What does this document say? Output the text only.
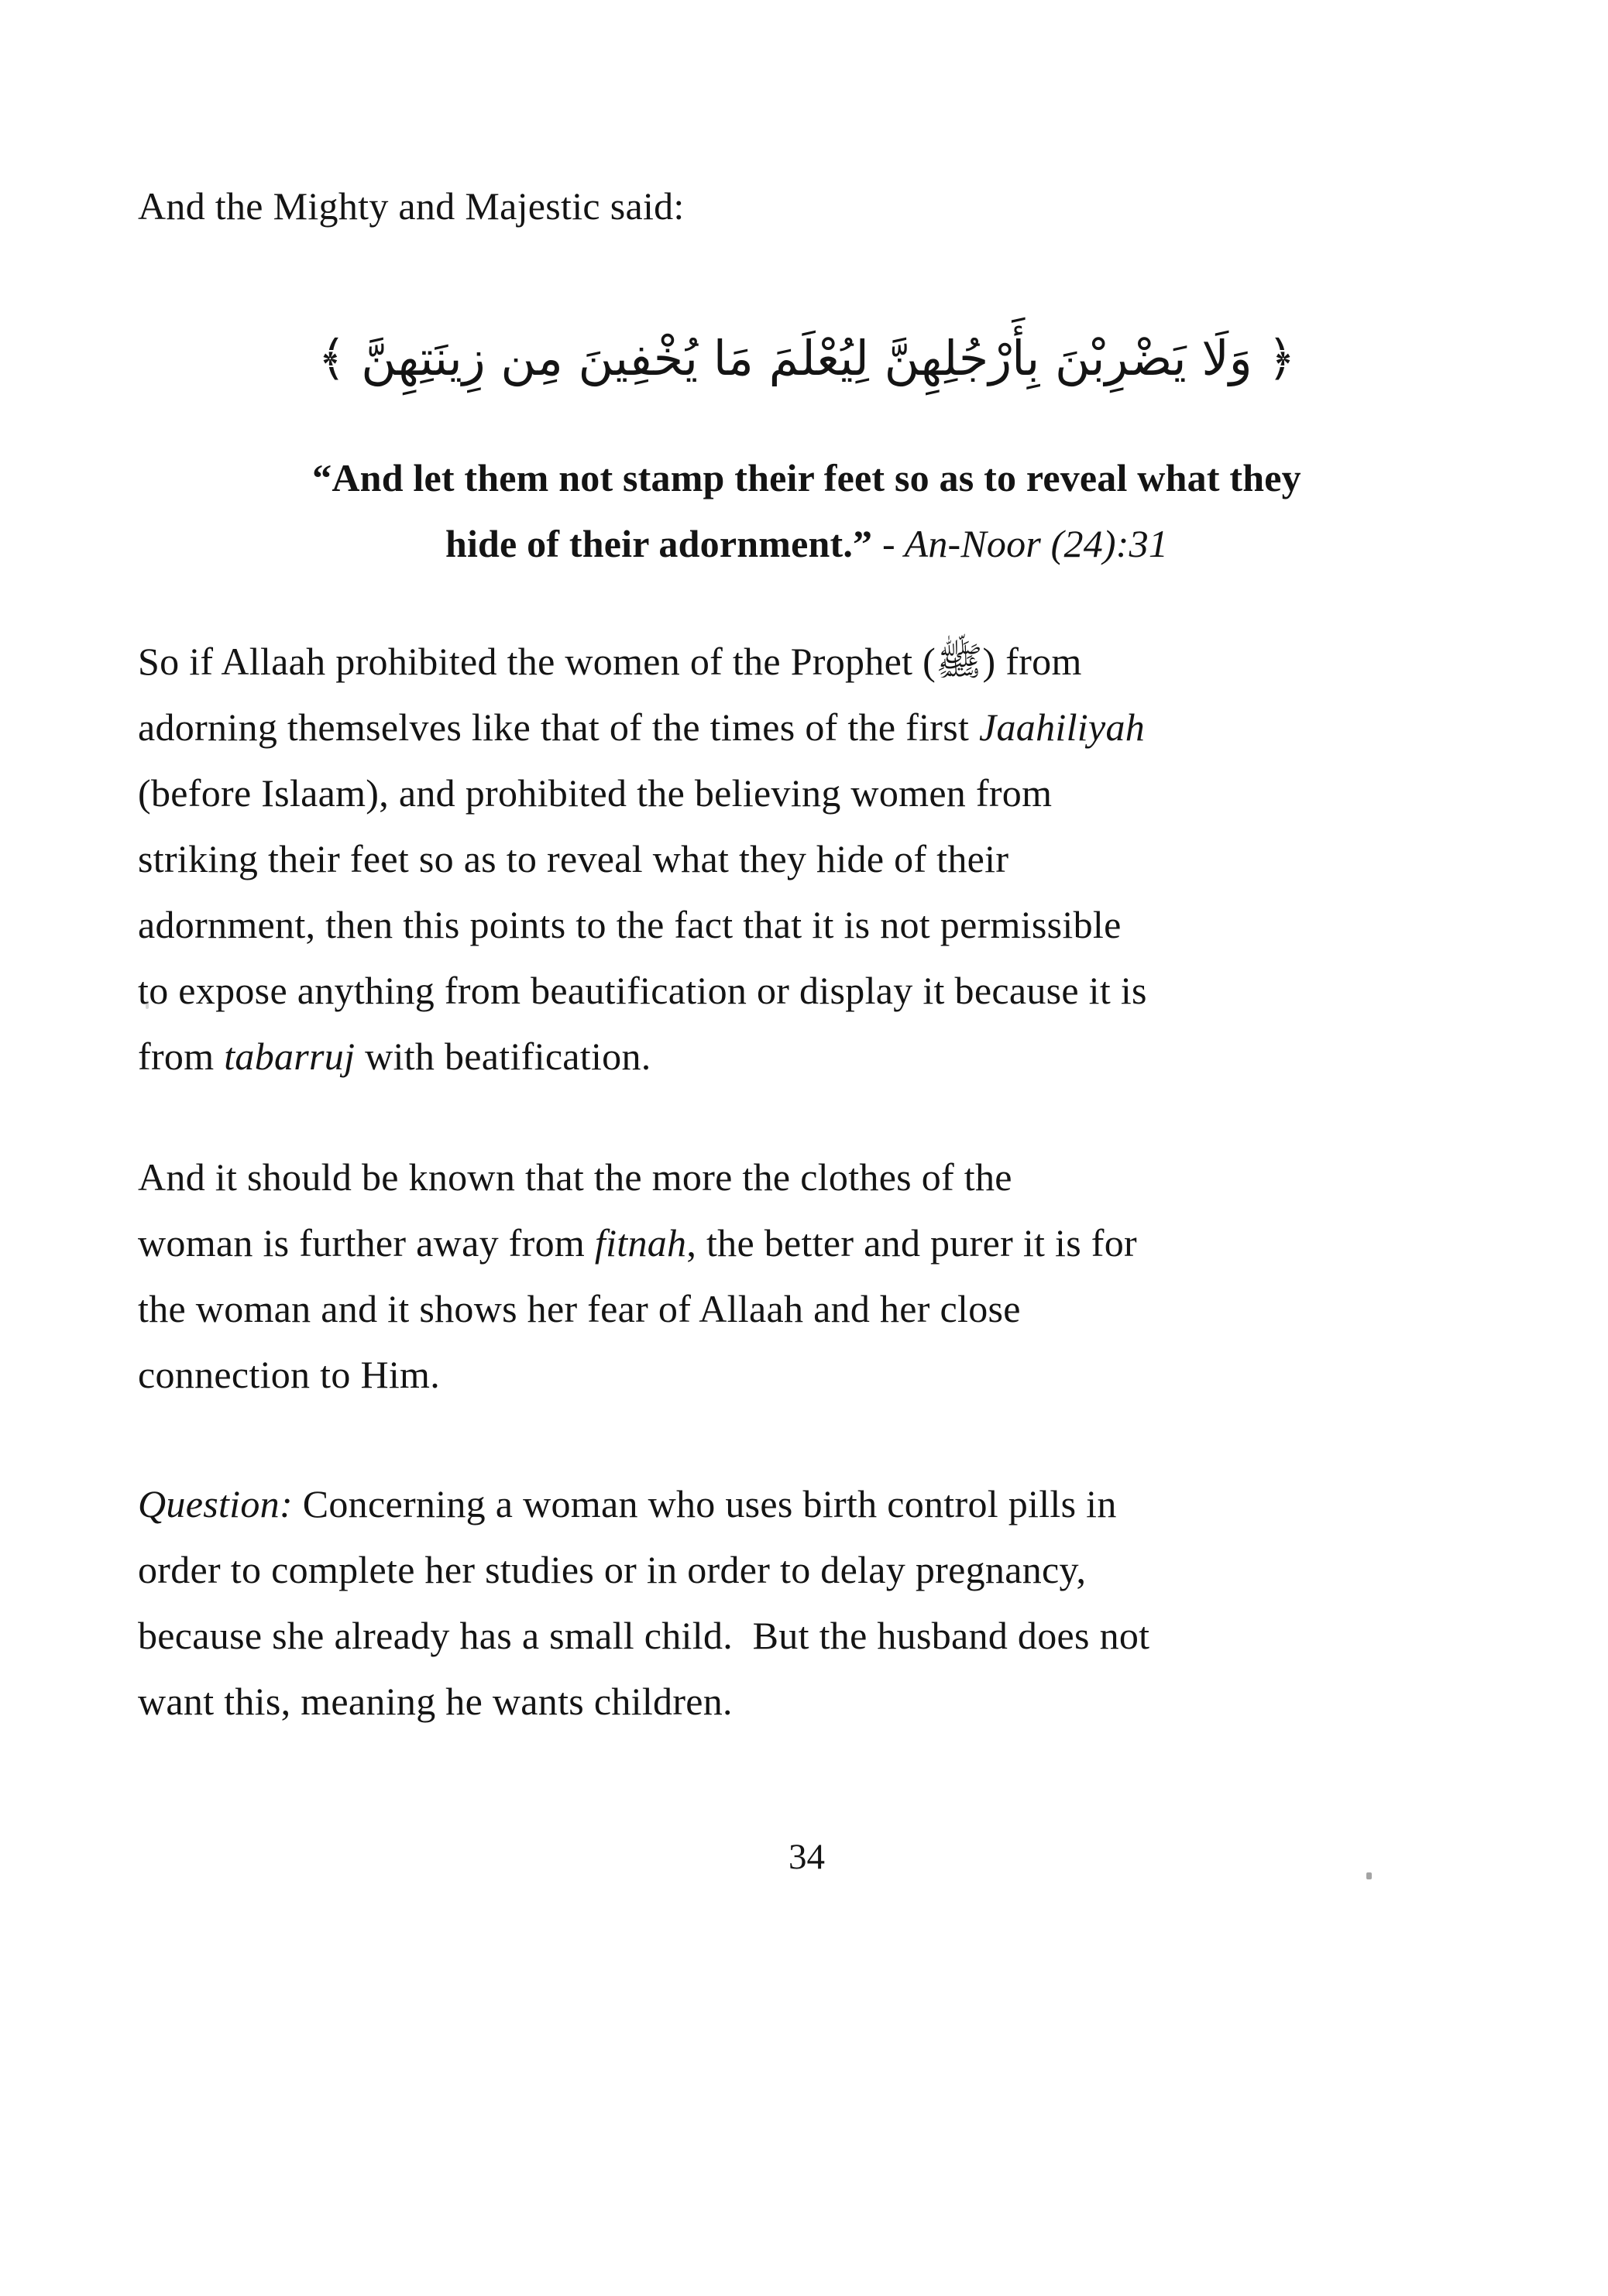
And the Mighty and Majestic said:

﴿ وَلَا يَضْرِبْنَ بِأَرْجُلِهِنَّ لِيُعْلَمَ مَا يُخْفِينَ مِن زِينَتِهِنَّ ﴾

“And let them not stamp their feet so as to reveal what they
hide of their adornment.” - An-Noor (24):31
So if Allaah prohibited the women of the Prophet (ﷺ) from
adorning themselves like that of the times of the first Jaahiliyah
(before Islaam), and prohibited the believing women from
striking their feet so as to reveal what they hide of their
adornment, then this points to the fact that it is not permissible
to expose anything from beautification or display it because it is
from tabarruj with beatification.
And it should be known that the more the clothes of the
woman is further away from fitnah, the better and purer it is for
the woman and it shows her fear of Allaah and her close
connection to Him.
Question: Concerning a woman who uses birth control pills in
order to complete her studies or in order to delay pregnancy,
because she already has a small child.  But the husband does not
want this, meaning he wants children.
34
